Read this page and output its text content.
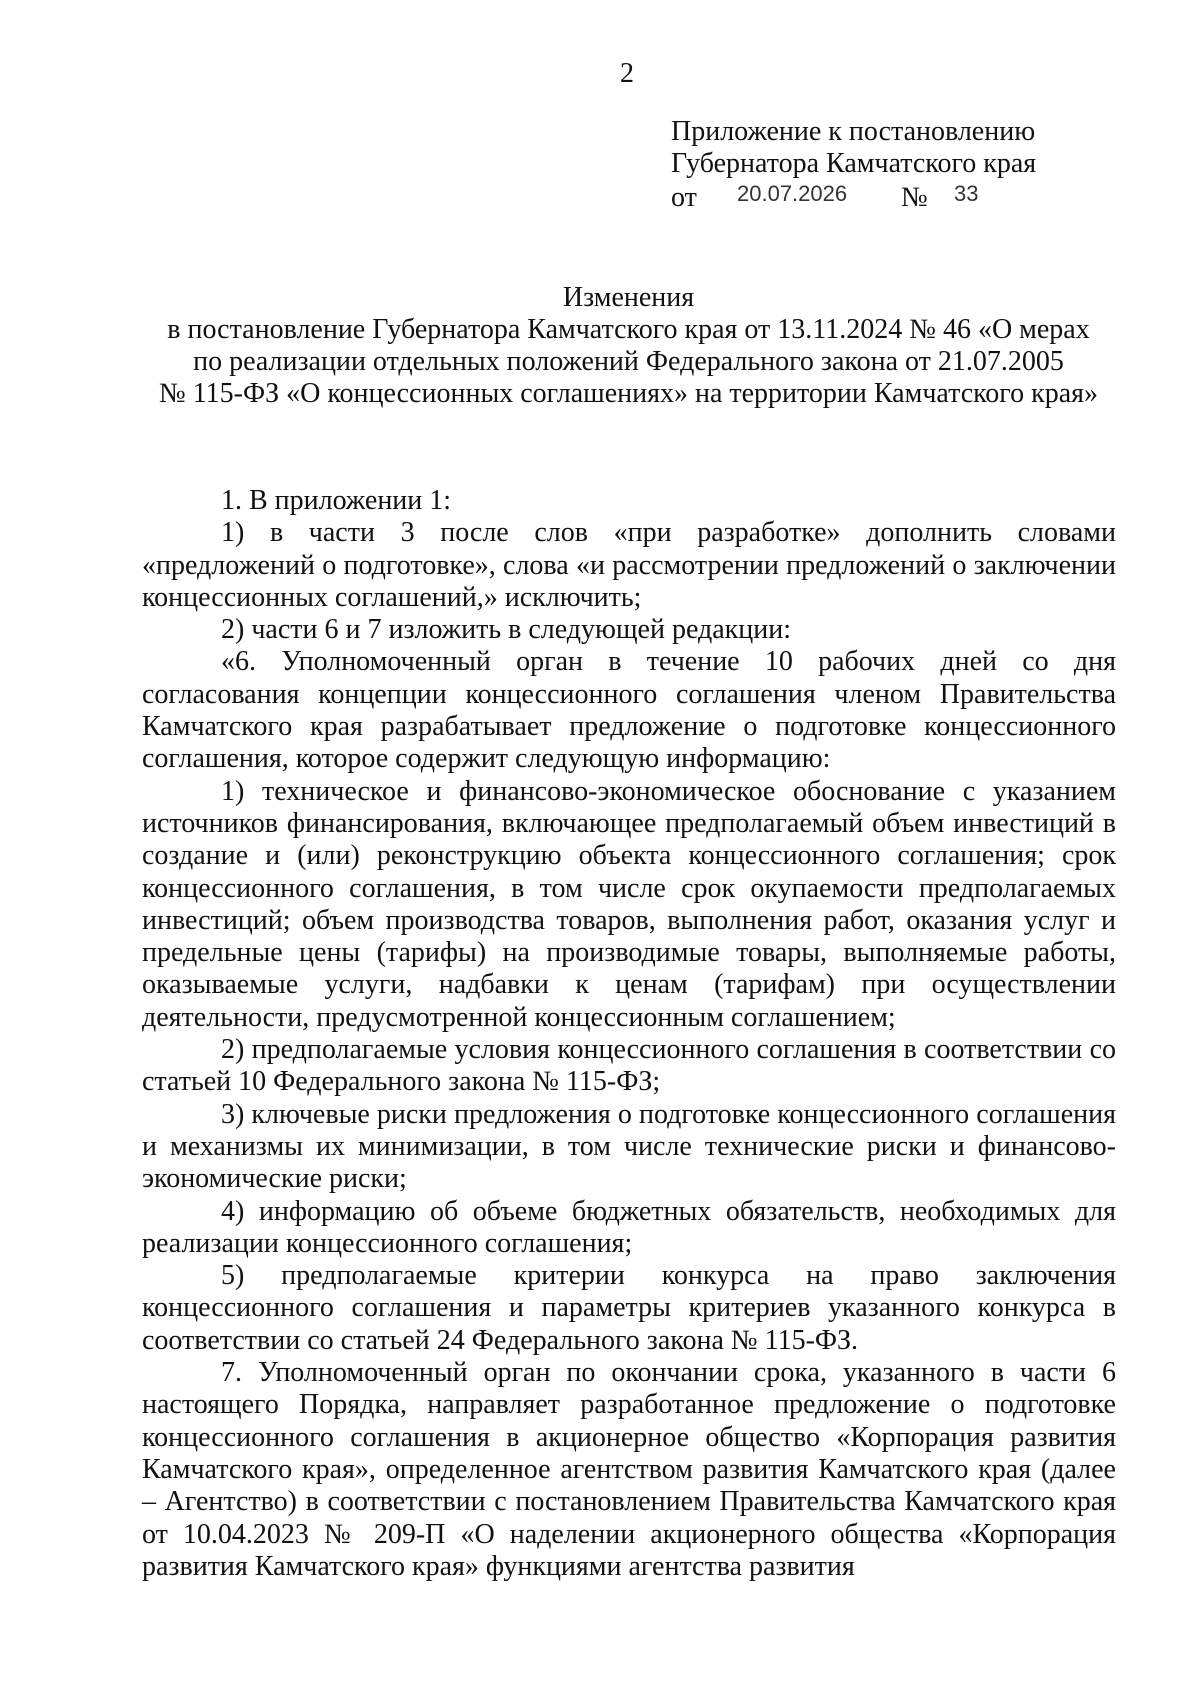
2
Приложение к постановлению
Губернатора Камчатского края
от 20.07.2026 № 33
Изменения
в постановление Губернатора Камчатского края от 13.11.2024 № 46 «О мерах
по реализации отдельных положений Федерального закона от 21.07.2005
№ 115-ФЗ «О концессионных соглашениях» на территории Камчатского края»

1. В приложении 1:

1) в части 3 после слов «при разработке» дополнить словами «предложений о подготовке», слова «и рассмотрении предложений о заключении концессионных соглашений,» исключить;

2) части 6 и 7 изложить в следующей редакции:

«6. Уполномоченный орган в течение 10 рабочих дней со дня согласования концепции концессионного соглашения членом Правительства Камчатского края разрабатывает предложение о подготовке концессионного соглашения, которое содержит следующую информацию:

1) техническое и финансово-экономическое обоснование с указанием источников финансирования, включающее предполагаемый объем инвестиций в создание и (или) реконструкцию объекта концессионного соглашения; срок концессионного соглашения, в том числе срок окупаемости предполагаемых инвестиций; объем производства товаров, выполнения работ, оказания услуг и предельные цены (тарифы) на производимые товары, выполняемые работы, оказываемые услуги, надбавки к ценам (тарифам) при осуществлении деятельности, предусмотренной концессионным соглашением;

2) предполагаемые условия концессионного соглашения в соответствии со статьей 10 Федерального закона № 115-ФЗ;

3) ключевые риски предложения о подготовке концессионного соглашения и механизмы их минимизации, в том числе технические риски и финансово-экономические риски;

4) информацию об объеме бюджетных обязательств, необходимых для реализации концессионного соглашения;

5) предполагаемые критерии конкурса на право заключения концессионного соглашения и параметры критериев указанного конкурса в соответствии со статьей 24 Федерального закона № 115-ФЗ.

7. Уполномоченный орган по окончании срока, указанного в части 6 настоящего Порядка, направляет разработанное предложение о подготовке концессионного соглашения в акционерное общество «Корпорация развития Камчатского края», определенное агентством развития Камчатского края (далее – Агентство) в соответствии с постановлением Правительства Камчатского края от 10.04.2023 № 209-П «О наделении акционерного общества «Корпорация развития Камчатского края» функциями агентства развития
